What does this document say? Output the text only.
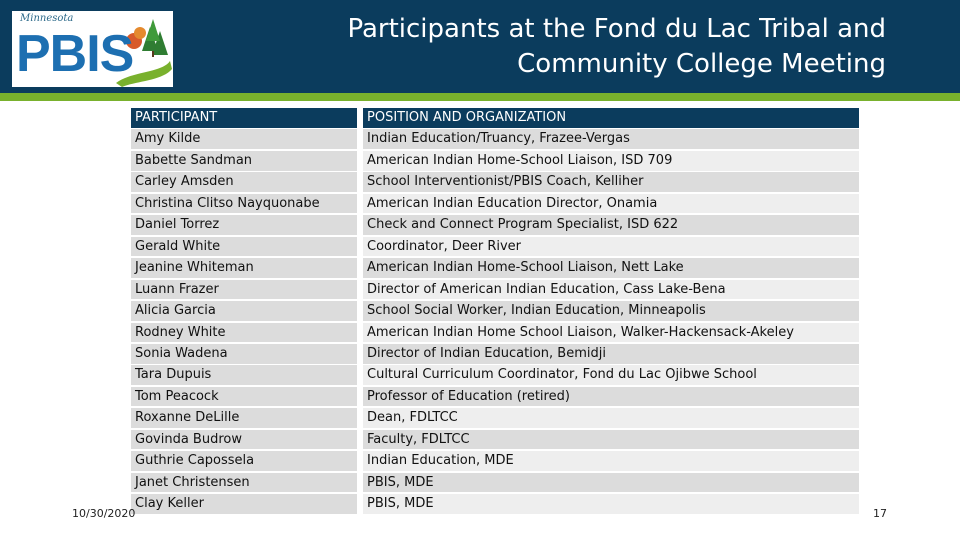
Minnesota
PBIS	Participants at the Fond du Lac Tribal and
Community College Meeting
PARTICIPANT
Amy Kilde
Babette Sandman
Carley Amsden
Christina Clitso Nayquonabe
Daniel Torrez
Gerald White
Jeanine Whiteman
Luann Frazer
Alicia Garcia
Rodney White
Sonia Wadena
Tara Dupuis
Tom Peacock
Roxanne DeLille
Govinda Budrow
Guthrie Capossela
Janet Christensen
Clay Keller
POSITION AND ORGANIZATION
Indian Education/Truancy, Frazee-Vergas
American Indian Home-School Liaison, ISD 709
School Interventionist/PBIS Coach, Kelliher
American Indian Education Director, Onamia
Check and Connect Program Specialist, ISD 622
Coordinator, Deer River
American Indian Home-School Liaison, Nett Lake
Director of American Indian Education, Cass Lake-Bena
School Social Worker, Indian Education, Minneapolis
American Indian Home School Liaison, Walker-Hackensack-Akeley
Director of Indian Education, Bemidji
Cultural Curriculum Coordinator, Fond du Lac Ojibwe School
Professor of Education (retired)
Dean, FDLTCC
Faculty, FDLTCC
Indian Education, MDE
PBIS, MDE
PBIS, MDE
10/30/2020	17
